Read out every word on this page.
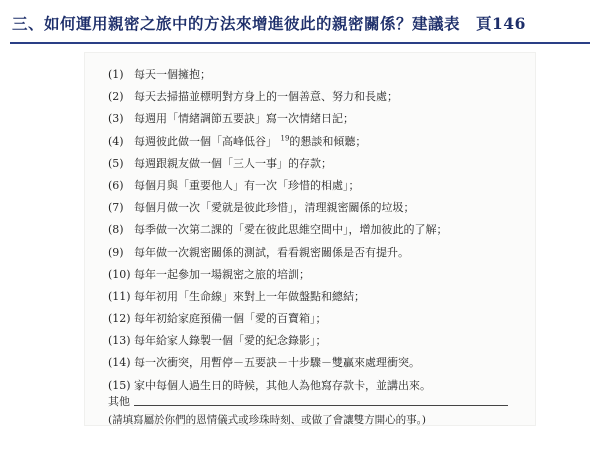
三、如何運用親密之旅中的方法來增進彼此的親密關係？建議表　頁146
(1) 每天一個擁抱；
(2) 每天去掃描並標明對方身上的一個善意、努力和長處；
(3) 每週用「情緒調節五要訣」寫一次情緒日記；
(4) 每週彼此做一個「高峰低谷」 $^{19}$的懇談和傾聽；
(5) 每週跟親友做一個「三人一事」的存款；
(6) 每個月與「重要他人」有一次「珍惜的相處」；
(7) 每個月做一次「愛就是彼此珍惜」，清理親密關係的垃圾；
(8) 每季做一次第二課的「愛在彼此思維空間中」，增加彼此的了解；
(9) 每年做一次親密關係的測試，看看親密關係是否有提升。
(10) 每年一起參加一場親密之旅的培訓；
(11) 每年初用「生命線」來對上一年做盤點和總結；
(12) 每年初給家庭預備一個「愛的百寶箱」；
(13) 每年給家人錄製一個「愛的紀念錄影」；
(14) 每一次衝突，用暫停－五要訣－十步驟－雙贏來處理衝突。
(15) 家中每個人過生日的時候，其他人為他寫存款卡，並講出來。
其他
(請填寫屬於你們的恩情儀式或珍珠時刻、或做了會讓雙方開心的事。)
